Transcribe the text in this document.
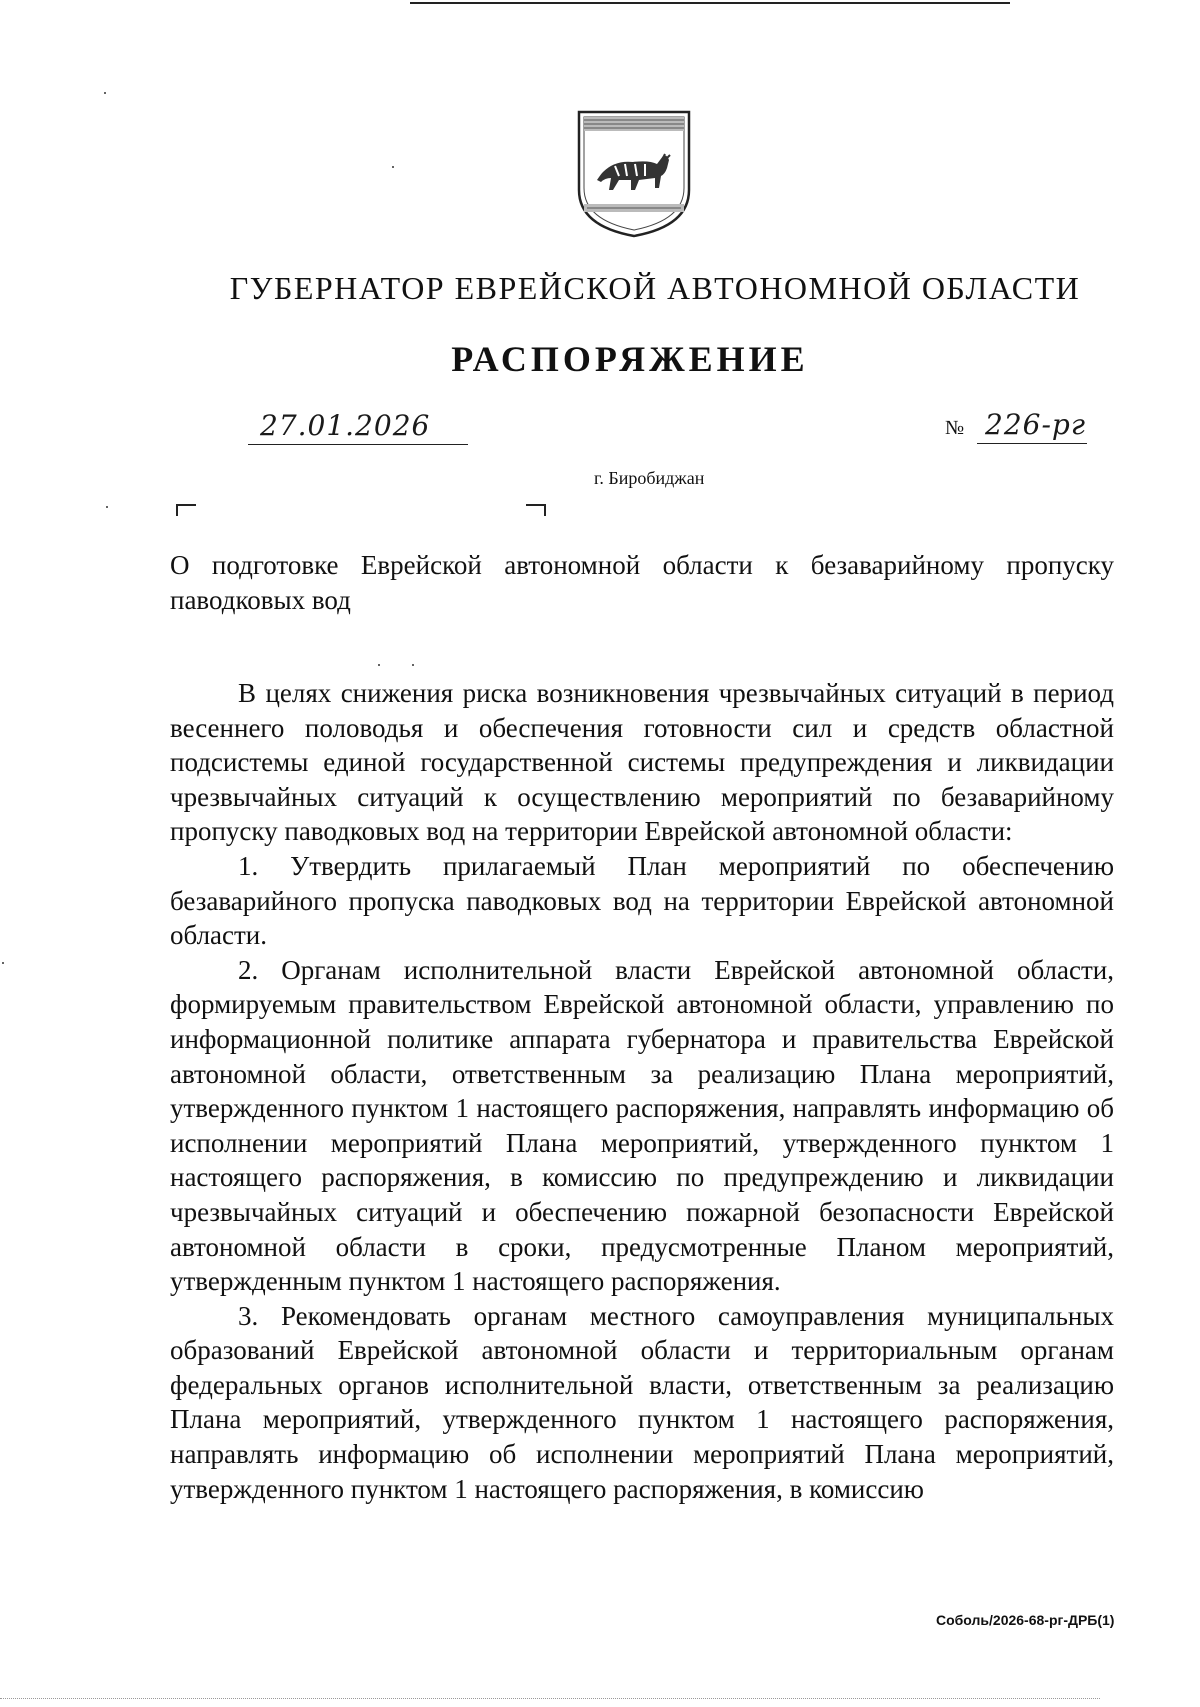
ГУБЕРНАТОР ЕВРЕЙСКОЙ АВТОНОМНОЙ ОБЛАСТИ
РАСПОРЯЖЕНИЕ
27.01.2026	№ 226-рг
г. Биробиджан
О подготовке Еврейской автономной области к безаварийному пропуску паводковых вод

В целях снижения риска возникновения чрезвычайных ситуаций в период весеннего половодья и обеспечения готовности сил и средств областной подсистемы единой государственной системы предупреждения и ликвидации чрезвычайных ситуаций к осуществлению мероприятий по безаварийному пропуску паводковых вод на территории Еврейской автономной области:

1. Утвердить прилагаемый План мероприятий по обеспечению безаварийного пропуска паводковых вод на территории Еврейской автономной области.

2. Органам исполнительной власти Еврейской автономной области, формируемым правительством Еврейской автономной области, управлению по информационной политике аппарата губернатора и правительства Еврейской автономной области, ответственным за реализацию Плана мероприятий, утвержденного пунктом 1 настоящего распоряжения, направлять информацию об исполнении мероприятий Плана мероприятий, утвержденного пунктом 1 настоящего распоряжения, в комиссию по предупреждению и ликвидации чрезвычайных ситуаций и обеспечению пожарной безопасности Еврейской автономной области в сроки, предусмотренные Планом мероприятий, утвержденным пунктом 1 настоящего распоряжения.

3. Рекомендовать органам местного самоуправления муниципальных образований Еврейской автономной области и территориальным органам федеральных органов исполнительной власти, ответственным за реализацию Плана мероприятий, утвержденного пунктом 1 настоящего распоряжения, направлять информацию об исполнении мероприятий Плана мероприятий, утвержденного пунктом 1 настоящего распоряжения, в комиссию

Соболь/2026-68-рг-ДРБ(1)
